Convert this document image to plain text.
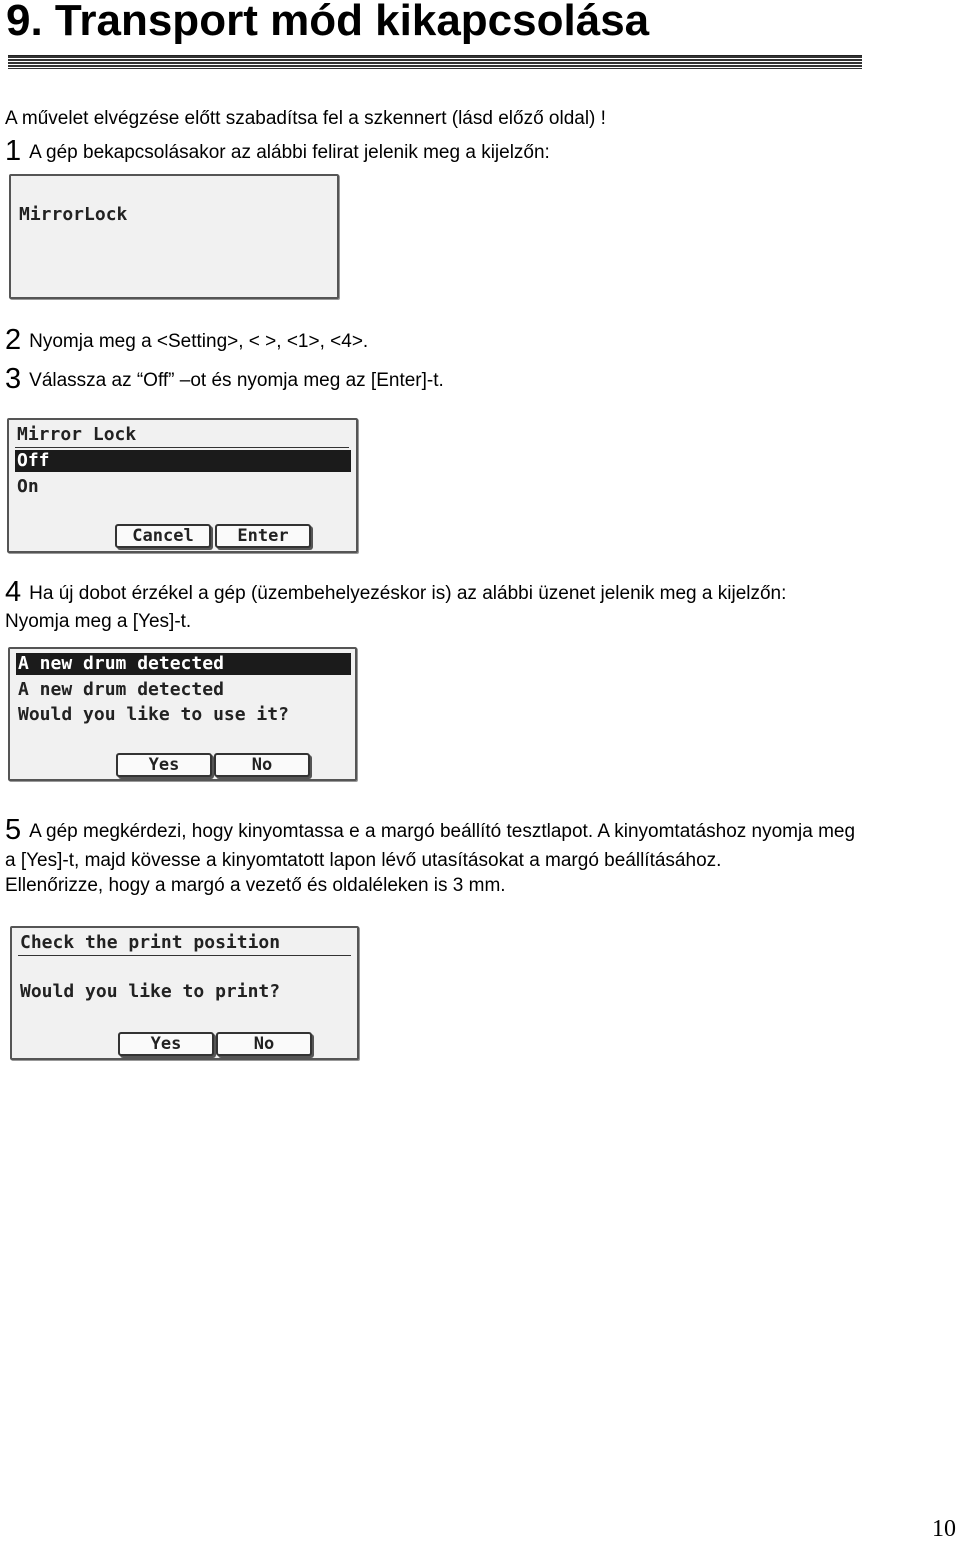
9. Transport mód kikapcsolása
A művelet elvégzése előtt szabadítsa fel a szkennert (lásd előző oldal) !
1 A gép bekapcsolásakor az alábbi felirat jelenik meg a kijelzőn:
MirrorLock
2 Nyomja meg a <Setting>, < >, <1>, <4>.
3 Válassza az “Off” –ot és nyomja meg az [Enter]-t.
Mirror Lock
Off
On
Cancel	Enter
4 Ha új dobot érzékel a gép (üzembehelyezéskor is) az alábbi üzenet jelenik meg a kijelzőn:
Nyomja meg a [Yes]-t.
A new drum detected
A new drum detected
Would you like to use it?
Yes	No
5 A gép megkérdezi, hogy kinyomtassa e a margó beállító tesztlapot. A kinyomtatáshoz nyomja meg
a [Yes]-t, majd kövesse a kinyomtatott lapon lévő utasításokat a margó beállításához.
Ellenőrizze, hogy a margó a vezető és oldaléleken is 3 mm.
Check the print position
Would you like to print?
Yes	No
10
